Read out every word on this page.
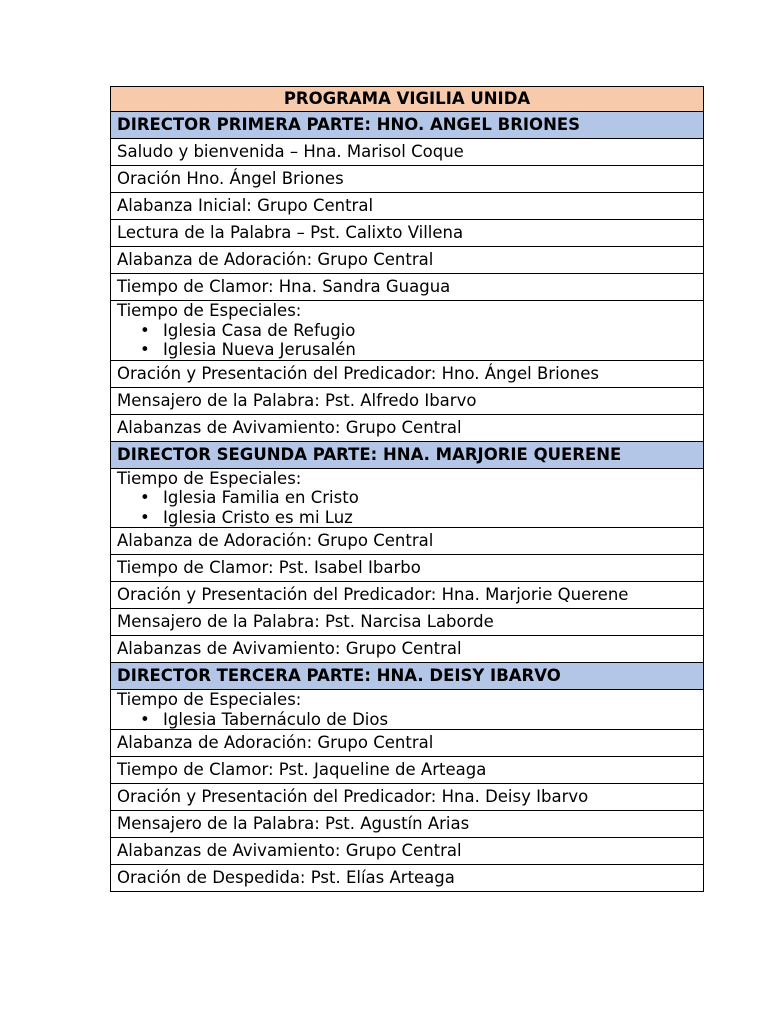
PROGRAMA VIGILIA UNIDA
DIRECTOR PRIMERA PARTE: HNO. ANGEL BRIONES
Saludo y bienvenida – Hna. Marisol Coque
Oración Hno. Ángel Briones
Alabanza Inicial: Grupo Central
Lectura de la Palabra – Pst. Calixto Villena
Alabanza de Adoración: Grupo Central
Tiempo de Clamor: Hna. Sandra Guagua

Tiempo de Especiales:
• Iglesia Casa de Refugio
• Iglesia Nueva Jerusalén

Oración y Presentación del Predicador: Hno. Ángel Briones
Mensajero de la Palabra: Pst. Alfredo Ibarvo
Alabanzas de Avivamiento: Grupo Central
DIRECTOR SEGUNDA PARTE: HNA. MARJORIE QUERENE

Tiempo de Especiales:
• Iglesia Familia en Cristo
• Iglesia Cristo es mi Luz

Alabanza de Adoración: Grupo Central
Tiempo de Clamor: Pst. Isabel Ibarbo
Oración y Presentación del Predicador: Hna. Marjorie Querene
Mensajero de la Palabra: Pst. Narcisa Laborde
Alabanzas de Avivamiento: Grupo Central
DIRECTOR TERCERA PARTE: HNA. DEISY IBARVO

Tiempo de Especiales:
• Iglesia Tabernáculo de Dios

Alabanza de Adoración: Grupo Central
Tiempo de Clamor: Pst. Jaqueline de Arteaga
Oración y Presentación del Predicador: Hna. Deisy Ibarvo
Mensajero de la Palabra: Pst. Agustín Arias
Alabanzas de Avivamiento: Grupo Central
Oración de Despedida: Pst. Elías Arteaga
